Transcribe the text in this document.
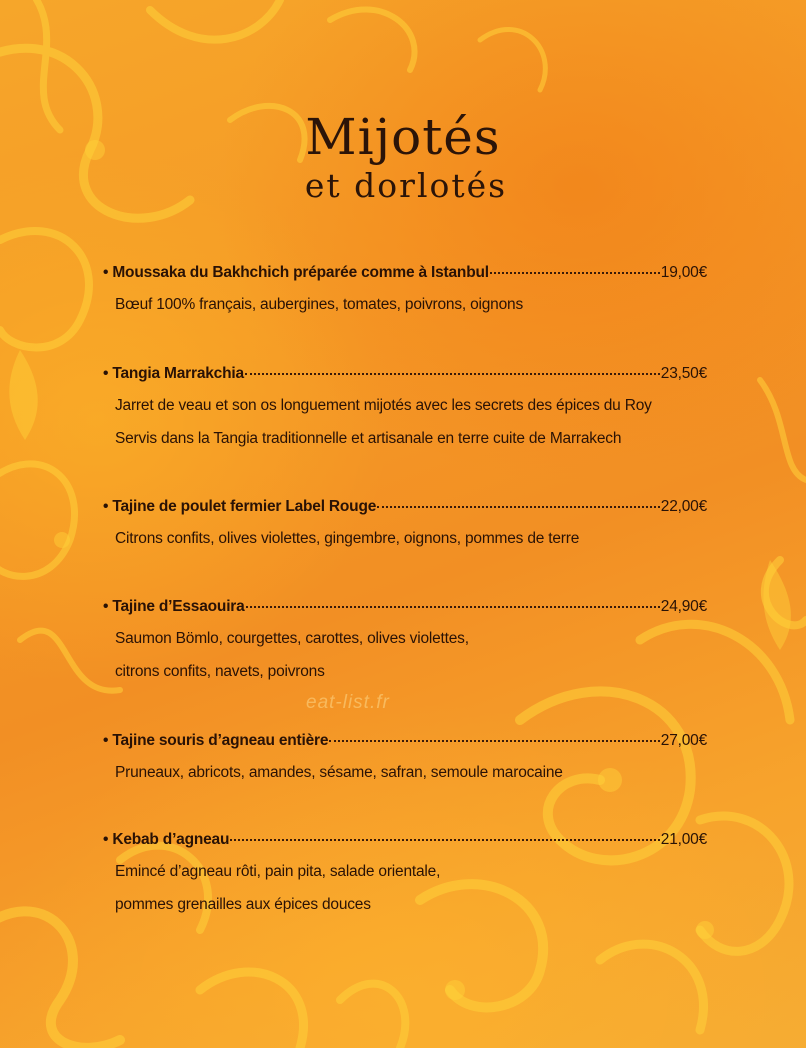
Mijotés
et dorlotés
• Moussaka du Bakhchich préparée comme à Istanbul	19,00€
Bœuf 100% français, aubergines, tomates, poivrons, oignons
• Tangia Marrakchia	23,50€
Jarret de veau et son os longuement mijotés avec les secrets des épices du Roy
Servis dans la Tangia traditionnelle et artisanale en terre cuite de Marrakech
• Tajine de poulet fermier Label Rouge	22,00€
Citrons confits, olives violettes, gingembre, oignons, pommes de terre
• Tajine d’Essaouira	24,90€
Saumon Bömlo, courgettes, carottes, olives violettes,
citrons confits, navets, poivrons
• Tajine souris d’agneau entière	27,00€
Pruneaux, abricots, amandes, sésame, safran, semoule marocaine
• Kebab d’agneau	21,00€
Emincé d’agneau rôti, pain pita, salade orientale,
pommes grenailles aux épices douces
eat-list.fr
